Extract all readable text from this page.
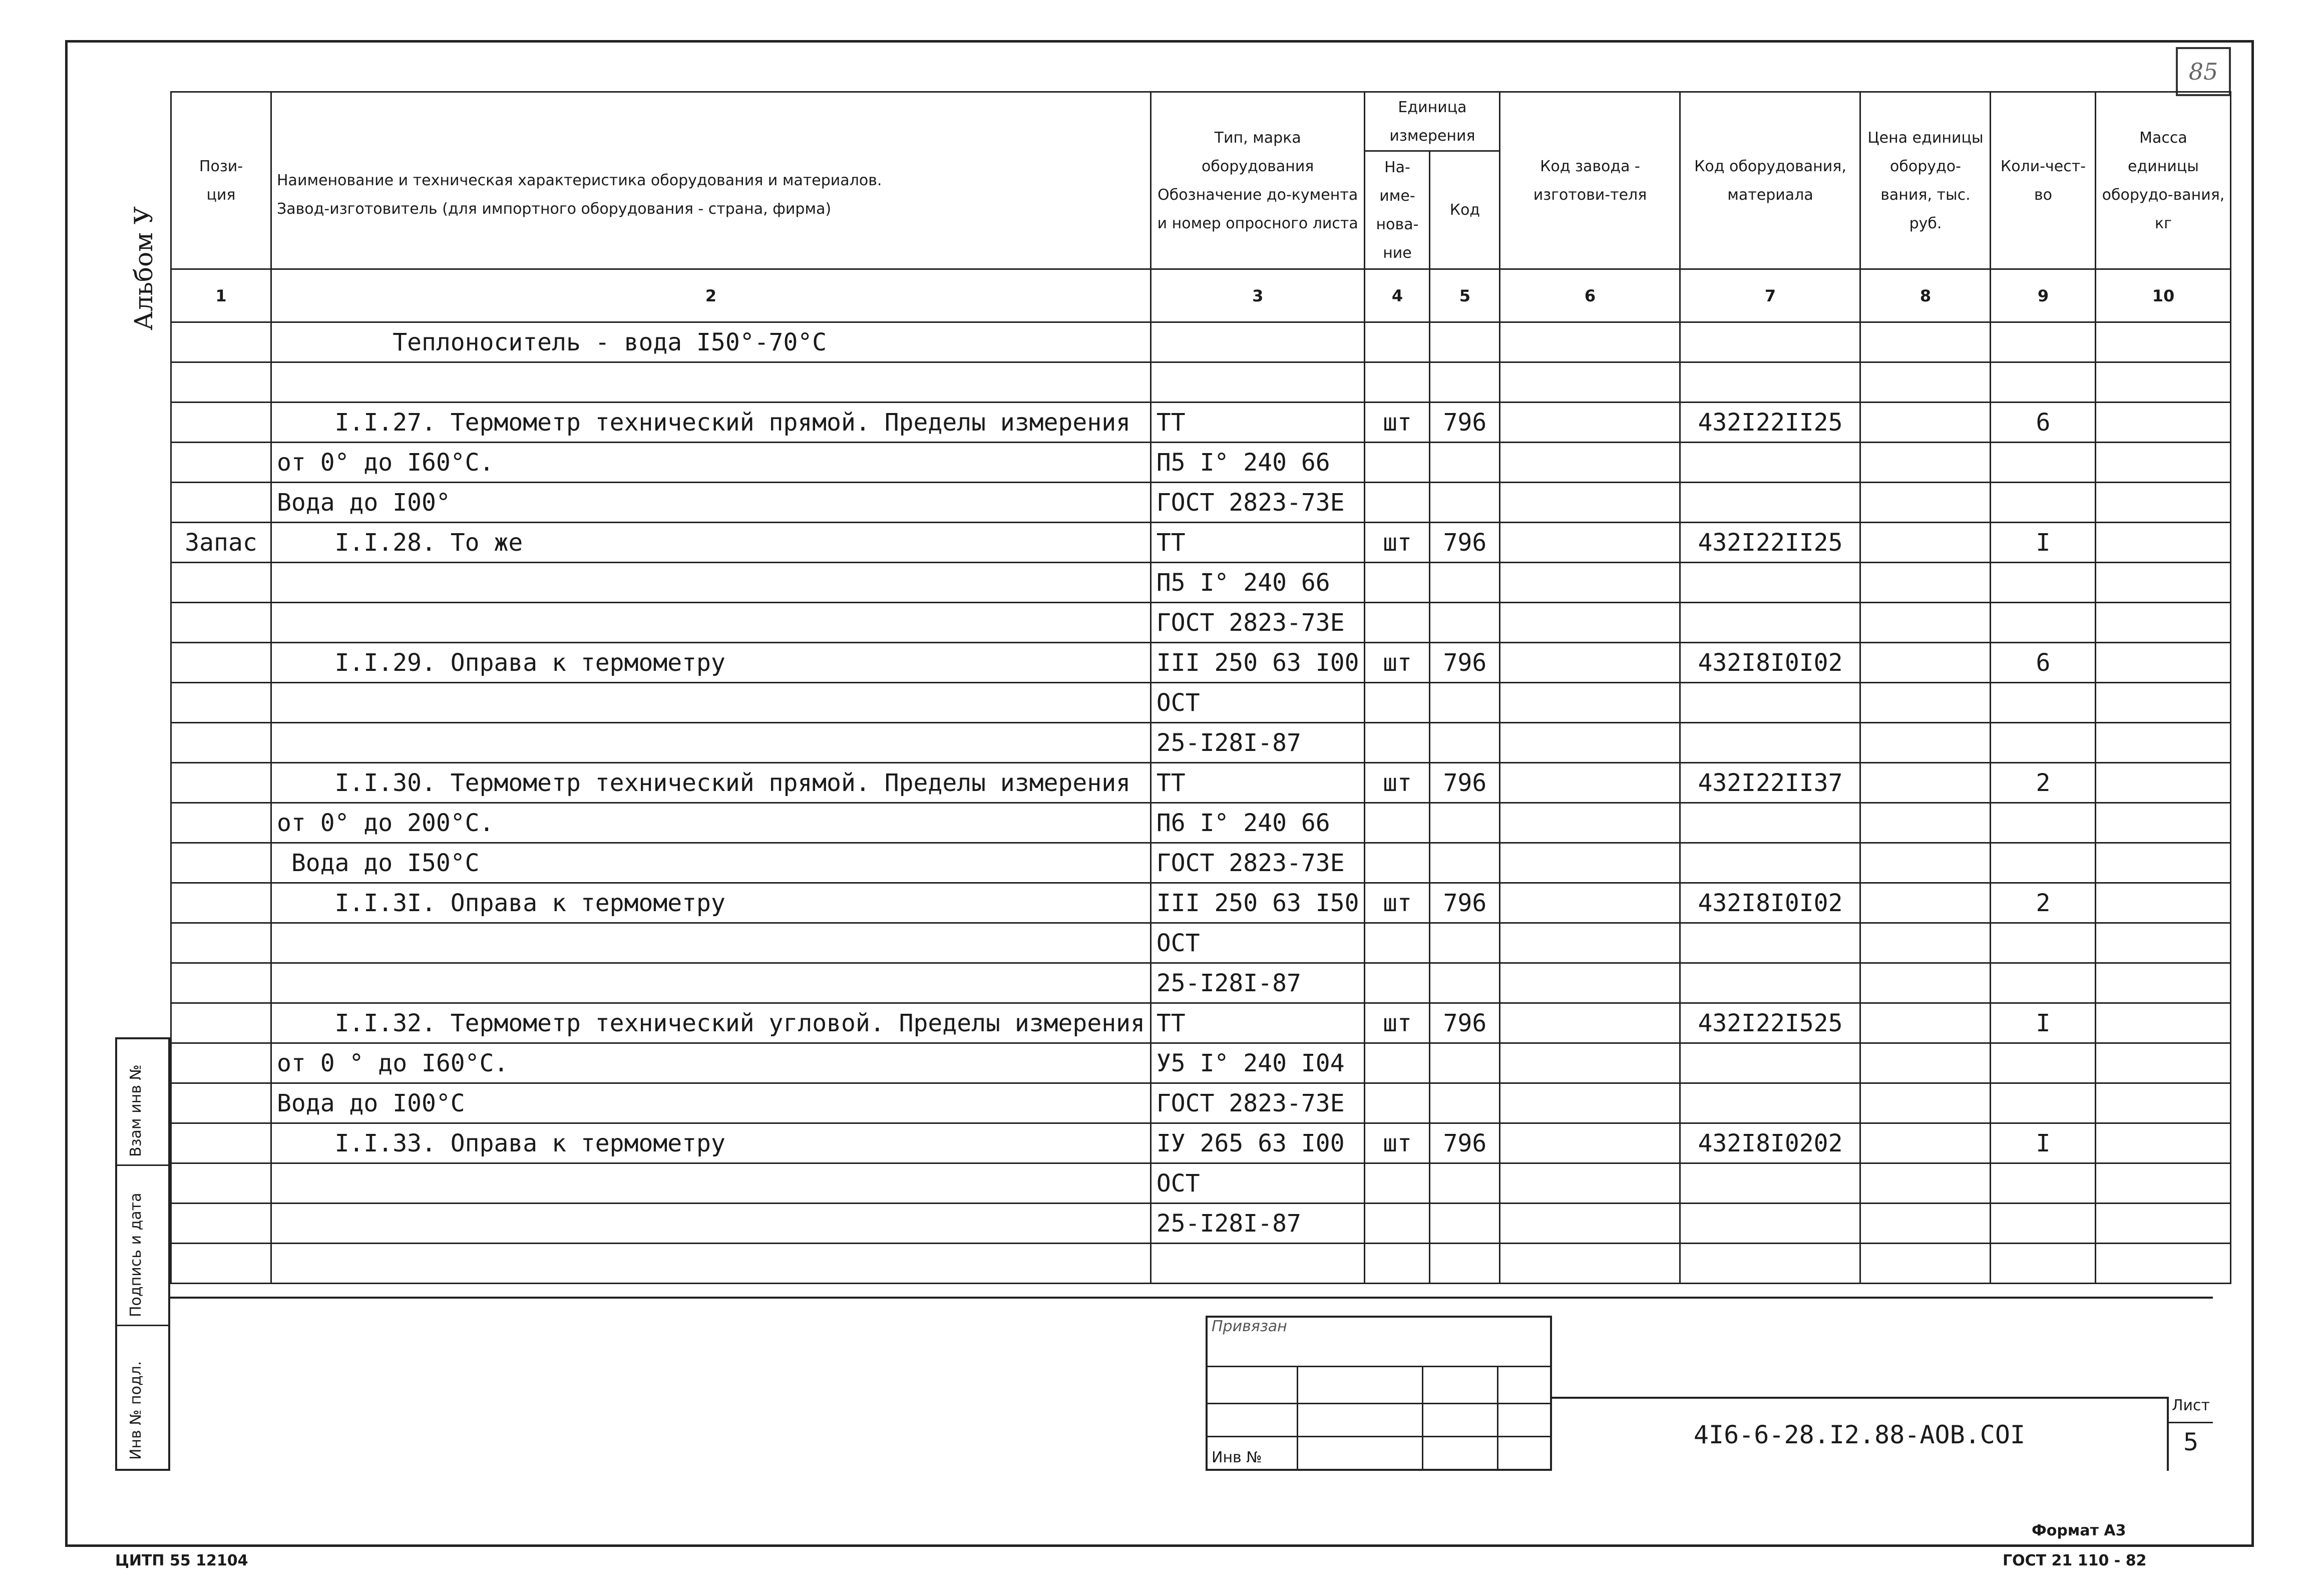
Альбом У
85
Пози-
ция	Наименование и техническая характеристика оборудования и материалов.
Завод-изготовитель (для импортного оборудования - страна, фирма)	Тип, марка оборудования Обозначение до-кумента и номер опросного листа	Единица измерения		Код завода - изготови-теля	Код оборудования, материала	Цена единицы оборудо-вания, тыс. руб.	Коли-чест-во	Масса единицы оборудо-вания, кг
			На-име-нова-ние	Код					
1	2	3	4	5	6	7	8	9	10
	Теплоноситель - вода I50°-70°С								

	I.I.27. Термометр технический прямой. Пределы измерения	ТТ	шт	796		432I22II25		6	
	от 0° до I60°С.	П5 I° 240 66							
	Вода до I00°	ГОСТ 2823-73Е							
Запас	I.I.28. То же	ТТ	шт	796		432I22II25		I	
		П5 I° 240 66							
		ГОСТ 2823-73Е							
	I.I.29. Оправа к термометру	III 250 63 I00	шт	796		432I8I0I02		6	
		ОСТ							
		25-I28I-87							
	I.I.30. Термометр технический прямой. Пределы измерения	ТТ	шт	796		432I22II37		2	
	от 0° до 200°С.	П6 I° 240 66							
	Вода до I50°С	ГОСТ 2823-73Е							
	I.I.3I. Оправа к термометру	III 250 63 I50	шт	796		432I8I0I02		2	
		ОСТ							
		25-I28I-87							
	I.I.32. Термометр технический угловой. Пределы измерения	ТТ	шт	796		432I22I525		I	
	от 0 ° до I60°С.	У5 I° 240 I04							
	Вода до I00°С	ГОСТ 2823-73Е							
	I.I.33. Оправа к термометру	IУ 265 63 I00	шт	796		432I8I0202		I	
		ОСТ							
		25-I28I-87							

Взам инв №
Подпись и дата
Инв № подл.
Привязан
Инв №
4I6-6-28.I2.88-АОВ.СОI
Лист
5
ЦИТП 55 12104
Формат А3
ГОСТ 21 110 - 82
